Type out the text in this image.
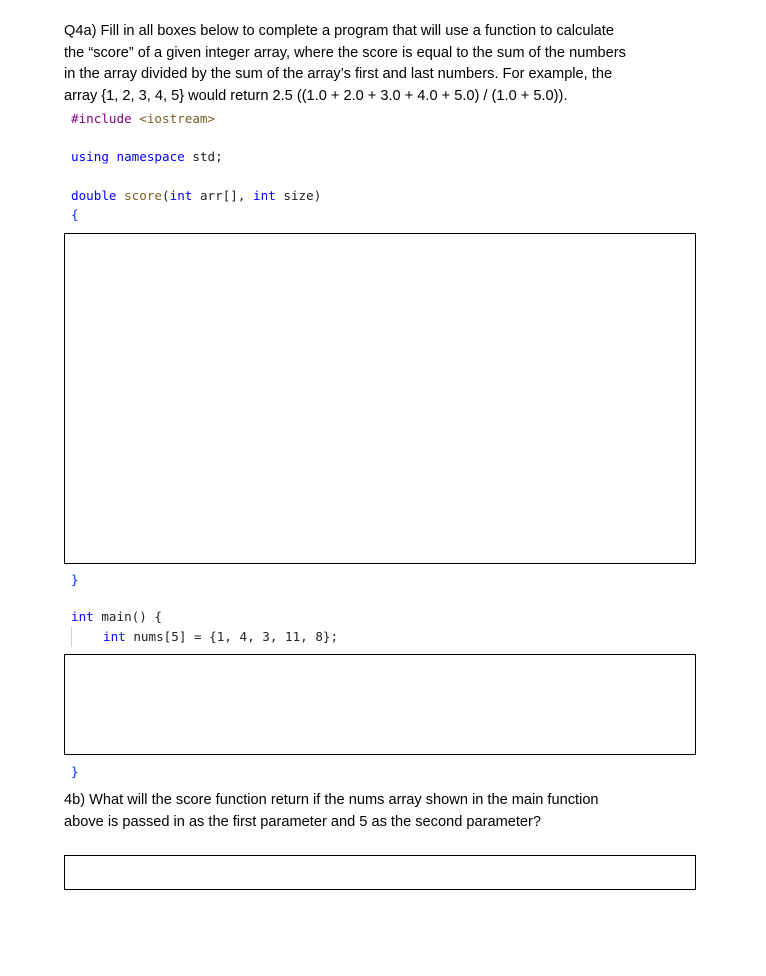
Q4a) Fill in all boxes below to complete a program that will use a function to calculate
the “score” of a given integer array, where the score is equal to the sum of the numbers
in the array divided by the sum of the array’s first and last numbers. For example, the
array {1, 2, 3, 4, 5} would return 2.5 ((1.0 + 2.0 + 3.0 + 4.0 + 5.0) / (1.0 + 5.0)).
#include <iostream>
using namespace std;
double score(int arr[], int size)
{
}
int main() {
int nums[5] = {1, 4, 3, 11, 8};
}
4b) What will the score function return if the nums array shown in the main function
above is passed in as the first parameter and 5 as the second parameter?
